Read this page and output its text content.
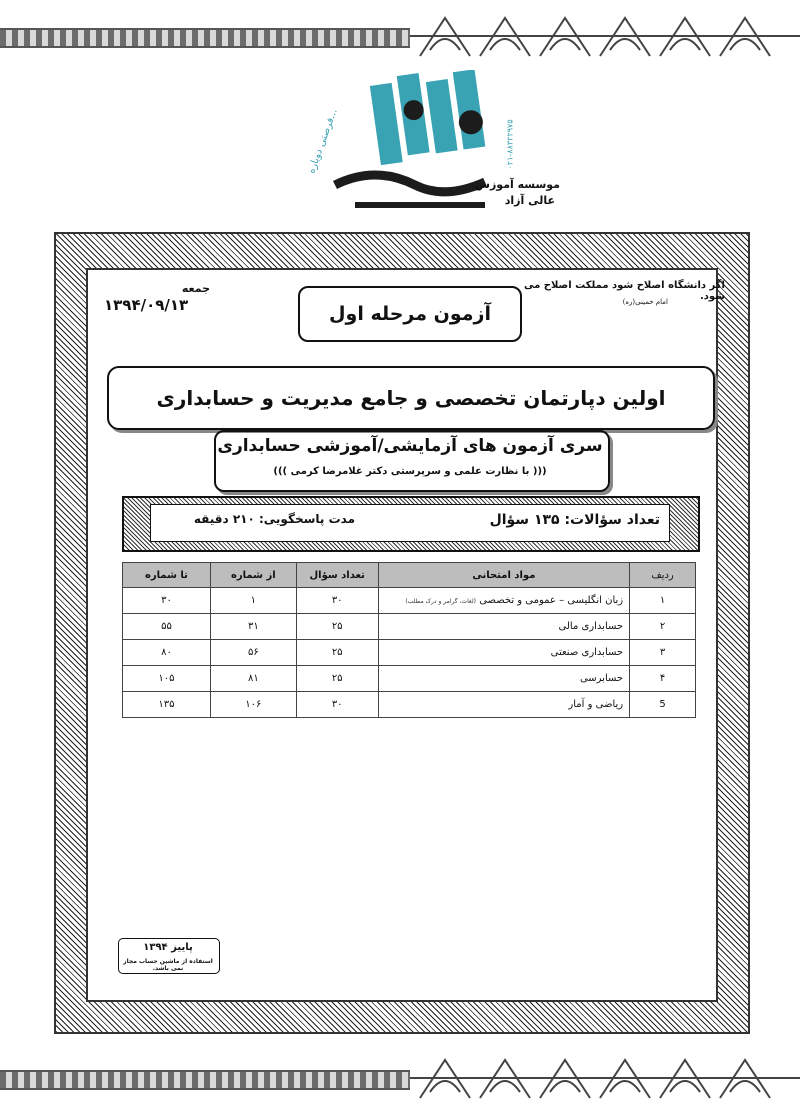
موسسه آموزش
عالی آزاد
فرصتی دوباره...
۰۲۱-۸۸۳۲۲۹۷۵
اگر دانشگاه اصلاح شود مملکت اصلاح می شود.
امام خمینی(ره)
جمعه
۱۳۹۴/۰۹/۱۳	آزمون مرحله اول
اولین دپارتمان تخصصی و جامع مدیریت و حسابداری
سری آزمون های آزمایشی/آموزشی حسابداری
((( با نظارت علمی و سرپرستی دکتر غلامرضا کرمی )))
تعداد سؤالات: ۱۳۵ سؤال
مدت پاسخگویی: ۲۱۰ دقیقه
ردیف	مواد امتحانی	تعداد سؤال	از شماره	تا شماره
۱	زبان انگلیسی – عمومی و تخصصی (لغات، گرامر و درک مطلب)	۳۰	۱	۳۰
۲	حسابداری مالی	۲۵	۳۱	۵۵
۳	حسابداری صنعتی	۲۵	۵۶	۸۰
۴	حسابرسی	۲۵	۸۱	۱۰۵
5	ریاضی و آمار	۳۰	۱۰۶	۱۳۵
پاییز ۱۳۹۴
استفاده از ماشین حساب مجاز نمی باشد.
